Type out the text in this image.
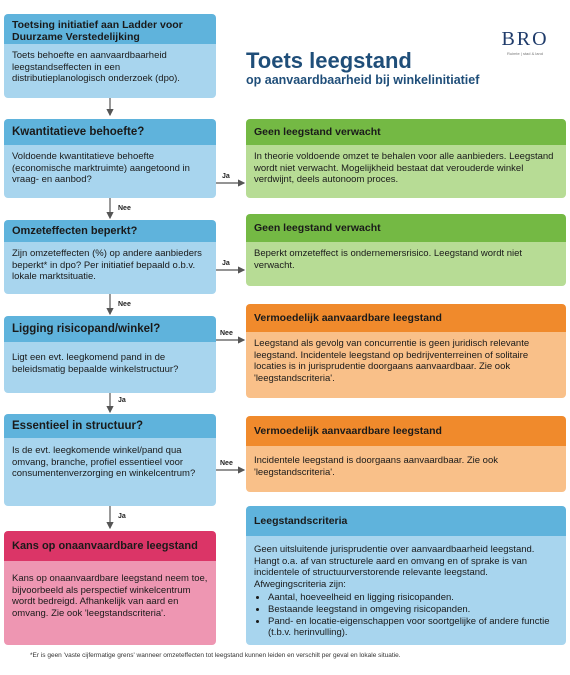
BRO
Ruimte | stad & land
Toets leegstand
op aanvaardbaarheid bij winkelinitiatief
Toetsing initiatief aan Ladder voor Duurzame Verstedelijking
Toets behoefte en aanvaardbaarheid leegstandseffecten in een distributieplanologisch onderzoek (dpo).
Kwantitatieve behoefte?
Voldoende kwantitatieve behoefte (economische marktruimte) aangetoond in vraag- en aanbod?
Omzeteffecten beperkt?
Zijn omzeteffecten (%) op andere aanbieders beperkt* in dpo? Per initiatief bepaald o.b.v. lokale marktsituatie.
Ligging risicopand/winkel?
Ligt een evt. leegkomend pand in de beleidsmatig bepaalde winkelstructuur?
Essentieel in structuur?
Is de evt. leegkomende winkel/pand qua omvang, branche, profiel essentieel voor consumentenverzorging en winkelcentrum?
Kans op onaanvaardbare leegstand
Kans op onaanvaardbare leegstand neem toe, bijvoorbeeld als perspectief winkelcentrum wordt bedreigd. Afhankelijk van aard en omvang. Zie ook 'leegstandscriteria'.
Geen leegstand verwacht
In theorie voldoende omzet te behalen voor alle aanbieders. Leegstand wordt niet verwacht. Mogelijkheid bestaat dat verouderde winkel verdwijnt, deels autonoom proces.
Geen leegstand verwacht
Beperkt omzeteffect is ondernemersrisico. Leegstand wordt niet verwacht.
Vermoedelijk aanvaardbare leegstand
Leegstand als gevolg van concurrentie is geen juridisch relevante leegstand. Incidentele leegstand op bedrijventerreinen of solitaire locaties is in jurisprudentie doorgaans aanvaardbaar. Zie ook 'leegstandscriteria'.
Vermoedelijk aanvaardbare leegstand
Incidentele leegstand is doorgaans aanvaardbaar. Zie ook 'leegstandscriteria'.
Leegstandscriteria
Geen uitsluitende jurisprudentie over aanvaardbaarheid leegstand. Hangt o.a. af van structurele aard en omvang en of sprake is van incidentele of structuurverstorende relevante leegstand. Afwegingscriteria zijn:
• Aantal, hoeveelheid en ligging risicopanden.
• Bestaande leegstand in omgeving risicopanden.
• Pand- en locatie-eigenschappen voor soortgelijke of andere functie (t.b.v. herinvulling).
Ja
Nee
Ja
Nee
Nee
Ja
Nee
Ja
*Er is geen 'vaste cijfermatige grens' wanneer omzeteffecten tot leegstand kunnen leiden en verschilt per geval en lokale situatie.
